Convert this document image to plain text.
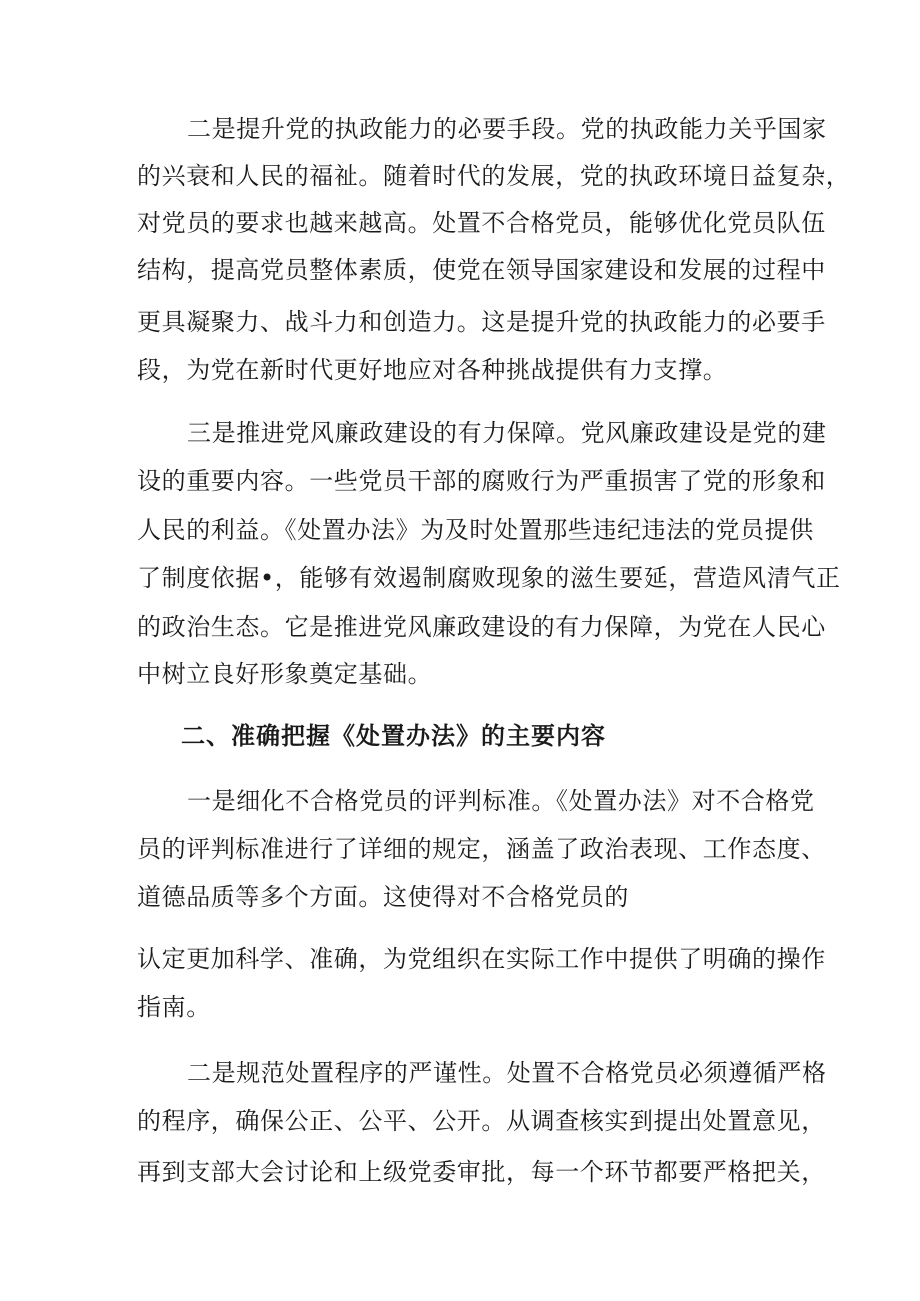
二是提升党的执政能力的必要手段。党的执政能力关乎国家
的兴衰和人民的福祉。随着时代的发展，党的执政环境日益复杂，
对党员的要求也越来越高。处置不合格党员，能够优化党员队伍
结构，提高党员整体素质，使党在领导国家建设和发展的过程中
更具凝聚力、战斗力和创造力。这是提升党的执政能力的必要手
段，为党在新时代更好地应对各种挑战提供有力支撑。
三是推进党风廉政建设的有力保障。党风廉政建设是党的建
设的重要内容。一些党员干部的腐败行为严重损害了党的形象和
人民的利益。《处置办法》为及时处置那些违纪违法的党员提供
了制度依据•，能够有效遏制腐败现象的滋生要延，营造风清气正
的政治生态。它是推进党风廉政建设的有力保障，为党在人民心
中树立良好形象奠定基础。
二、准确把握《处置办法》的主要内容
一是细化不合格党员的评判标准。《处置办法》对不合格党
员的评判标准进行了详细的规定，涵盖了政治表现、工作态度、
道德品质等多个方面。这使得对不合格党员的
认定更加科学、准确，为党组织在实际工作中提供了明确的操作
指南。
二是规范处置程序的严谨性。处置不合格党员必须遵循严格
的程序，确保公正、公平、公开。从调查核实到提出处置意见，
再到支部大会讨论和上级党委审批，每一个环节都要严格把关，
